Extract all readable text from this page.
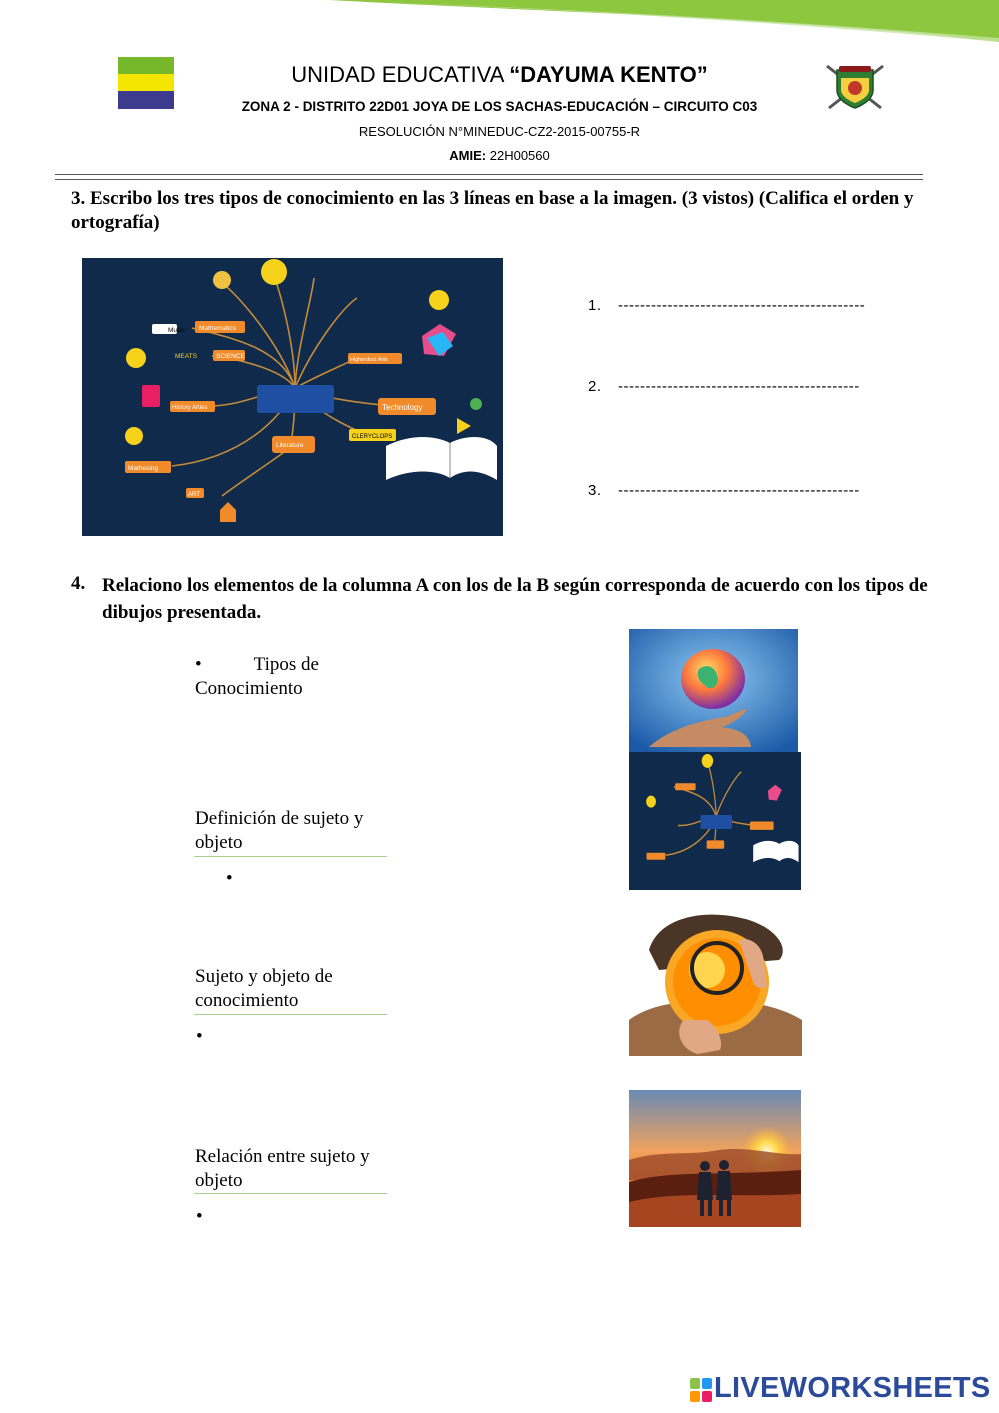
UNIDAD EDUCATIVA “DAYUMA KENTO”
ZONA 2 - DISTRITO 22D01 JOYA DE LOS SACHAS-EDUCACIÓN – CIRCUITO C03
RESOLUCIÓN N°MINEDUC-CZ2-2015-00755-R
AMIE: 22H00560
3. Escribo los tres tipos de conocimiento en las 3 líneas en base a la imagen. (3 vistos) (Califica el orden y ortografía)
Music Mathematics
MEATS	SCIENCE
History Arties
Mathesing
ART
Literature
Technology
CLERYCLOPS
Higherdoct Arts
1. ---------------------------------------------
2. --------------------------------------------
3. --------------------------------------------
4. Relaciono los elementos de la columna A con los de la B según corresponda de acuerdo con los tipos de dibujos presentada.
•	Tipos de
Conocimiento
Definición de sujeto y objeto
•
Sujeto y objeto de conocimiento
•
Relación entre sujeto y objeto
•
LIVEWORKSHEETS
